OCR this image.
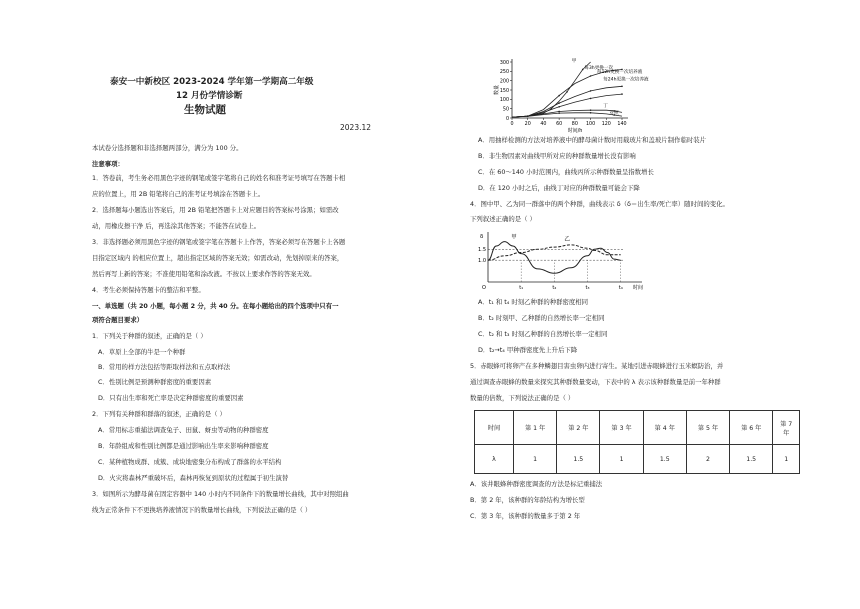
泰安一中新校区 2023-2024 学年第一学期高二年级
12 月份学情诊断
生物试题
2023.12
本试卷分选择题和非选择题两部分，满分为 100 分。
注意事项：
1．答卷前，考生务必用黑色字迹的钢笔或签字笔将自己的姓名和准考证号填写在答题卡相
应的位置上，用 2B 铅笔将自己的准考证号填涂在答题卡上。
2．选择题每小题选出答案后，用 2B 铅笔把答题卡上对应题目的答案标号涂黑；如需改
动，用橡皮擦干净 后，再选涂其他答案；不能答在试卷上。
3．非选择题必须用黑色字迹的钢笔或签字笔在答题卡上作答，答案必须写在答题卡上各题
目指定区域内 的相应位置上，超出指定区域的答案无效；如需改动，先划掉原来的答案，
然后再写上新的答案；不准使用铅笔和涂改液。不按以上要求作答的答案无效。
4．考生必须保持答题卡的整洁和平整。
一、单选题（共 20 小题，每小题 2 分，共 40 分。在每小题给出的四个选项中只有一
项符合题目要求）
1．下列关于种群的叙述，正确的是（ ）
A．草原上全部的牛是一个种群
B．常用的样方法包括等距取样法和五点取样法
C．性别比例是预测种群密度的重要因素
D．只有出生率和死亡率是决定种群密度的重要因素
2．下列有关种群和群落的叙述，正确的是（ ）
A．常用标志重捕法调查兔子、田鼠、蚜虫等动物的种群密度
B．年龄组成和性别比例都是通过影响出生率来影响种群密度
C．某种植物成群、成簇、成块地密集分布构成了群落的水平结构
D．火灾将森林严重破坏后，森林再恢复到原状的过程属于初生演替
3．如图所示为酵母菌在固定容器中 140 小时内不同条件下的数量增长曲线，其中对照组曲
线为正常条件下不更换培养液情况下的数量增长曲线，下列说法正确的是（ ）
0
50
100
150
200
250
300
0 20 40 60 80 100 120 140
时间/h
数量
甲
每3h更换一次
每12h更换一次培养液
每24h更换一次培养液
丁
对照
A．用抽样检测的方法对培养液中的酵母菌计数时用载玻片和盖玻片制作临时装片
B．非生物因素对曲线甲所对应的种群数量增长没有影响
C．在 60～140 小时范围内，曲线丙所示种群数量呈指数增长
D．在 120 小时之后，曲线丁对应的种群数量可能会下降
4．图中甲、乙为同一群落中的两个种群，曲线表示 δ（δ＝出生率/死亡率）随时间的变化。
下列叙述正确的是（ ）
δ
1.5
1.0
O	t₁	t₂	t₃	t₄ 时间
甲	乙
A．t₁ 和 t₄ 时刻乙种群的种群密度相同
B．t₂ 时刻甲、乙种群的自然增长率一定相同
C．t₂ 和 t₃ 时刻乙种群的自然增长率一定相同
D．t₂→t₄ 甲种群密度先上升后下降
5．赤眼蜂可将卵产在多种鳞翅目害虫卵内进行寄生。某地引进赤眼蜂进行玉米螟防治，并
通过调查赤眼蜂的数量来探究其种群数量变动，下表中的 λ 表示该种群数量是前一年种群
数量的倍数，下列说法正确的是（ ）
时间	第 1 年	第 2 年	第 3 年	第 4 年	第 5 年	第 6 年	第 7
年

λ	1	1.5	1	1.5	2	1.5	1
A．该井眼蜂种群密度调查的方法是标记重捕法
B．第 2 年，该种群的年龄结构为增长型
C．第 3 年，该种群的数量多于第 2 年
